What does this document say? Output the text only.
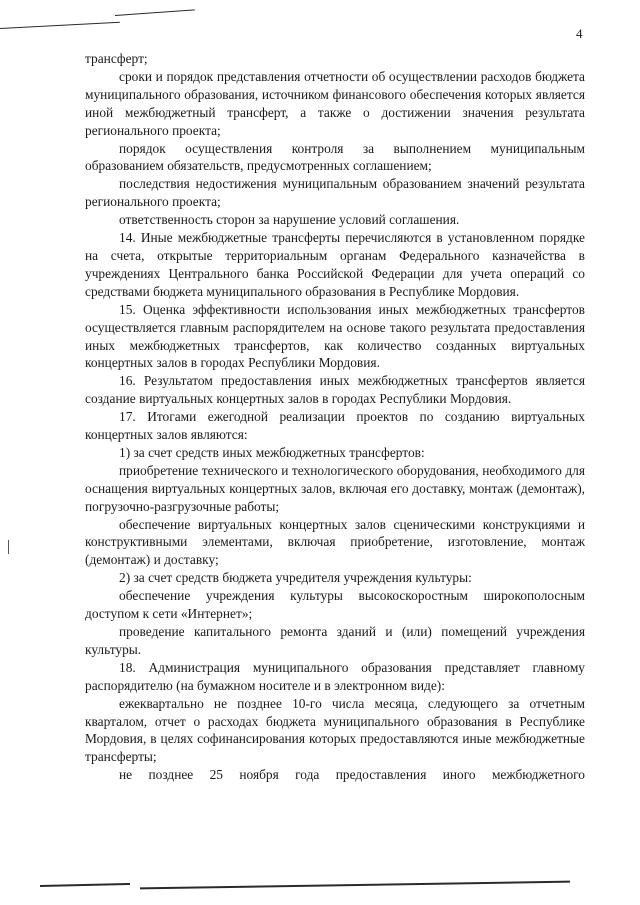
4

трансферт;

сроки и порядок представления отчетности об осуществлении расходов бюджета муниципального образования, источником финансового обеспечения которых является иной межбюджетный трансферт, а также о достижении значения результата регионального проекта;

порядок осуществления контроля за выполнением муниципальным образованием обязательств, предусмотренных соглашением;

последствия недостижения муниципальным образованием значений результата регионального проекта;

ответственность сторон за нарушение условий соглашения.

14. Иные межбюджетные трансферты перечисляются в установленном порядке на счета, открытые территориальным органам Федерального казначейства в учреждениях Центрального банка Российской Федерации для учета операций со средствами бюджета муниципального образования в Республике Мордовия.

15. Оценка эффективности использования иных межбюджетных трансфертов осуществляется главным распорядителем на основе такого результата предоставления иных межбюджетных трансфертов, как количество созданных виртуальных концертных залов в городах Республики Мордовия.

16. Результатом предоставления иных межбюджетных трансфертов является создание виртуальных концертных залов в городах Республики Мордовия.

17. Итогами ежегодной реализации проектов по созданию виртуальных концертных залов являются:

1) за счет средств иных межбюджетных трансфертов:

приобретение технического и технологического оборудования, необходимого для оснащения виртуальных концертных залов, включая его доставку, монтаж (демонтаж), погрузочно-разгрузочные работы;

обеспечение виртуальных концертных залов сценическими конструкциями и конструктивными элементами, включая приобретение, изготовление, монтаж (демонтаж) и доставку;

2) за счет средств бюджета учредителя учреждения культуры:

обеспечение учреждения культуры высокоскоростным широкополосным доступом к сети «Интернет»;

проведение капитального ремонта зданий и (или) помещений учреждения культуры.

18. Администрация муниципального образования представляет главному распорядителю (на бумажном носителе и в электронном виде):

ежеквартально не позднее 10-го числа месяца, следующего за отчетным кварталом, отчет о расходах бюджета муниципального образования в Республике Мордовия, в целях софинансирования которых предоставляются иные межбюджетные трансферты;

не позднее 25 ноября года предоставления иного межбюджетного
